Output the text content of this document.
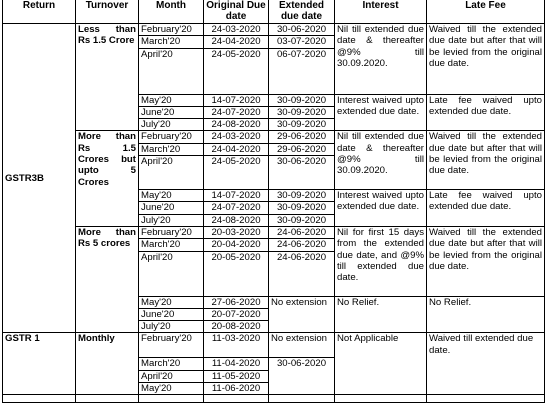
Return	Turnover	Month	Original Due date	Extended due date	Interest	Late Fee
GSTR3B	Less than Rs 1.5 Crore	February'20	24-03-2020	30-06-2020	Nil till extended due date & thereafter @9% till 30.09.2020.	Waived till the extended due date but after that will be levied from the original due date.
		March'20	24-04-2020	03-07-2020		
		April'20	24-05-2020	06-07-2020		
		May'20	14-07-2020	30-09-2020	Interest waived upto extended due date.	Late fee waived upto extended due date.
		June'20	24-07-2020	30-09-2020		
		July'20	24-08-2020	30-09-2020		
	More than Rs 1.5 Crores but upto 5 Crores	February'20	24-03-2020	29-06-2020	Nil till extended due date & thereafter @9% till 30.09.2020.	Waived till the extended due date but after that will be levied from the original due date.
		March'20	24-04-2020	29-06-2020		
		April'20	24-05-2020	30-06-2020		
		May'20	14-07-2020	30-09-2020	Interest waived upto extended due date.	Late fee waived upto extended due date.
		June'20	24-07-2020	30-09-2020		
		July'20	24-08-2020	30-09-2020		
	More than Rs 5 crores	February'20	20-03-2020	24-06-2020	Nil for first 15 days from the extended due date, and @9% till extended due date.	Waived till the extended due date but after that will be levied from the original due date.
		March'20	20-04-2020	24-06-2020		
		April'20	20-05-2020	24-06-2020		
		May'20	27-06-2020	No extension	No Relief.	No Relief.
		June'20	20-07-2020			
		July'20	20-08-2020			
GSTR 1	Monthly	February'20	11-03-2020	No extension	Not Applicable	Waived till extended due date.
		March'20	11-04-2020	30-06-2020		
		April'20	11-05-2020			
		May'20	11-06-2020			
